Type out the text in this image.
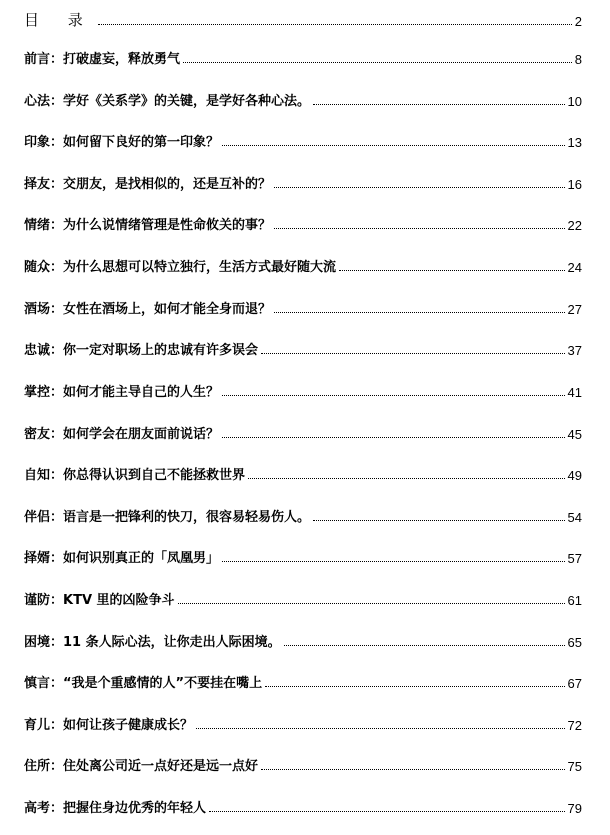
目 录	2
前言：打破虚妄，释放勇气	8
心法：学好《关系学》的关键，是学好各种心法。	10
印象：如何留下良好的第一印象？	13
择友：交朋友，是找相似的，还是互补的？	16
情绪：为什么说情绪管理是性命攸关的事？	22
随众：为什么思想可以特立独行，生活方式最好随大流	24
酒场：女性在酒场上，如何才能全身而退？	27
忠诚：你一定对职场上的忠诚有许多误会	37
掌控：如何才能主导自己的人生？	41
密友：如何学会在朋友面前说话？	45
自知：你总得认识到自己不能拯救世界	49
伴侣：语言是一把锋利的快刀，很容易轻易伤人。	54
择婿：如何识别真正的「凤凰男」	57
谨防：KTV 里的凶险争斗	61
困境：11 条人际心法，让你走出人际困境。	65
慎言：“我是个重感情的人”不要挂在嘴上	67
育儿：如何让孩子健康成长？	72
住所：住处离公司近一点好还是远一点好	75
高考：把握住身边优秀的年轻人	79
